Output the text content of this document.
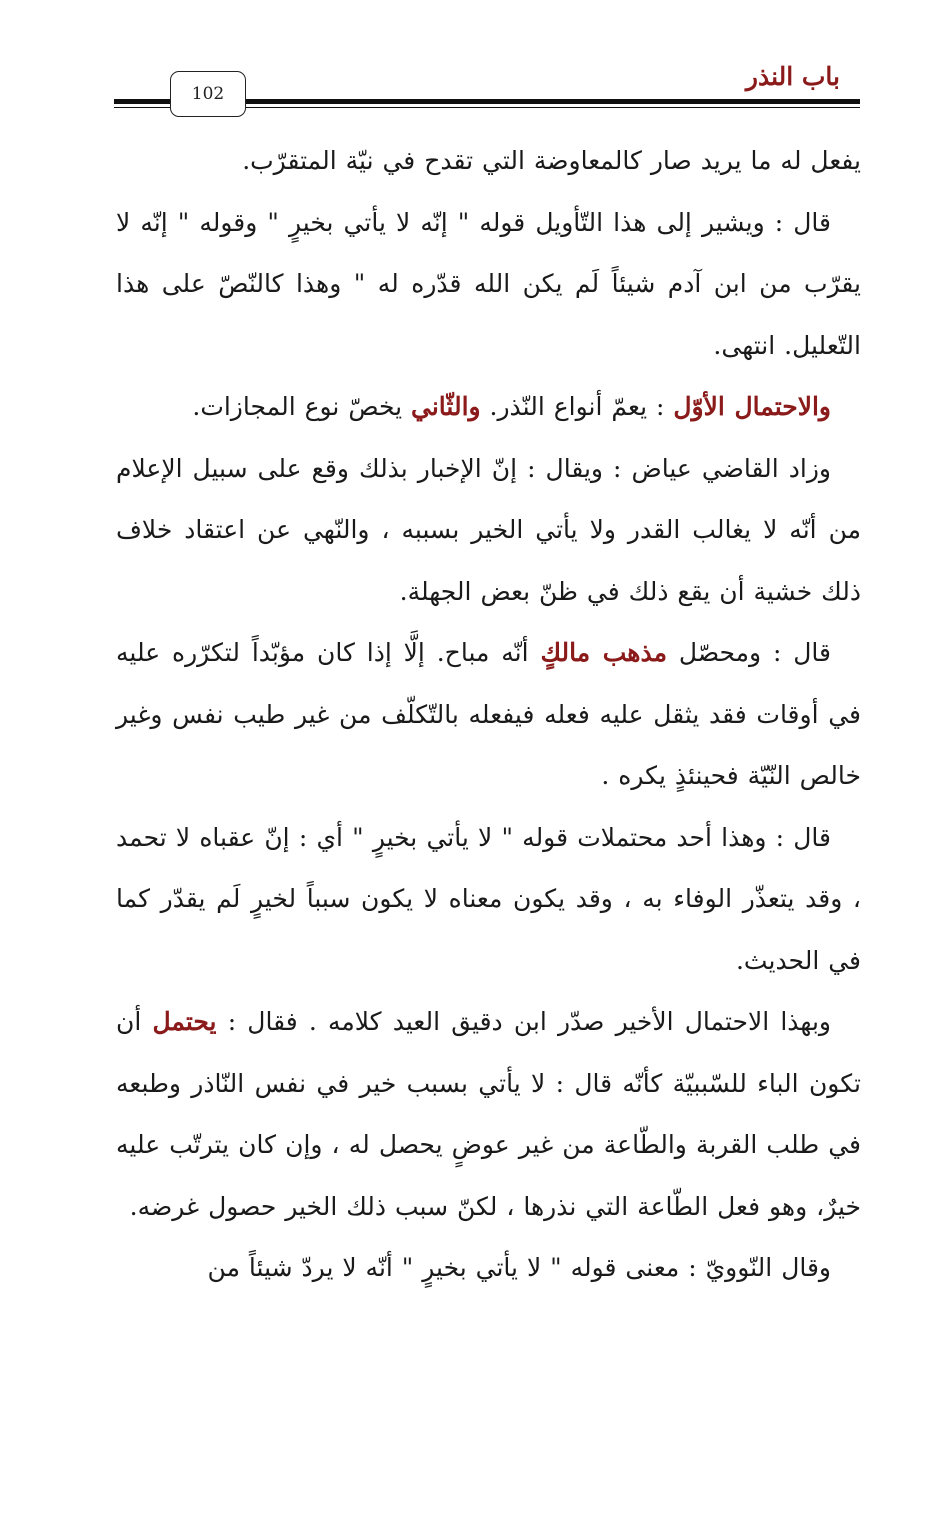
باب النذر
102

يفعل له ما يريد صار كالمعاوضة التي تقدح في نيّة المتقرّب.

قال : ويشير إلى هذا التّأويل قوله " إنّه لا يأتي بخيرٍ " وقوله " إنّه لا يقرّب من ابن آدم شيئاً لَم يكن الله قدّره له " وهذا كالنّصّ على هذا التّعليل. انتهى.

والاحتمال الأوّل : يعمّ أنواع النّذر. والثّاني يخصّ نوع المجازات.

وزاد القاضي عياض : ويقال : إنّ الإخبار بذلك وقع على سبيل الإعلام من أنّه لا يغالب القدر ولا يأتي الخير بسببه ، والنّهي عن اعتقاد خلاف ذلك خشية أن يقع ذلك في ظنّ بعض الجهلة.

قال : ومحصّل مذهب مالكٍ أنّه مباح. إلَّا إذا كان مؤبّداً لتكرّره عليه في أوقات فقد يثقل عليه فعله فيفعله بالتّكلّف من غير طيب نفس وغير خالص النّيّة فحينئذٍ يكره .

قال : وهذا أحد محتملات قوله " لا يأتي بخيرٍ " أي : إنّ عقباه لا تحمد ، وقد يتعذّر الوفاء به ، وقد يكون معناه لا يكون سبباً لخيرٍ لَم يقدّر كما في الحديث.

وبهذا الاحتمال الأخير صدّر ابن دقيق العيد كلامه . فقال : يحتمل أن تكون الباء للسّببيّة كأنّه قال : لا يأتي بسبب خير في نفس النّاذر وطبعه في طلب القربة والطّاعة من غير عوضٍ يحصل له ، وإن كان يترتّب عليه خيرٌ، وهو فعل الطّاعة التي نذرها ، لكنّ سبب ذلك الخير حصول غرضه.

وقال النّوويّ : معنى قوله " لا يأتي بخيرٍ " أنّه لا يردّ شيئاً من
